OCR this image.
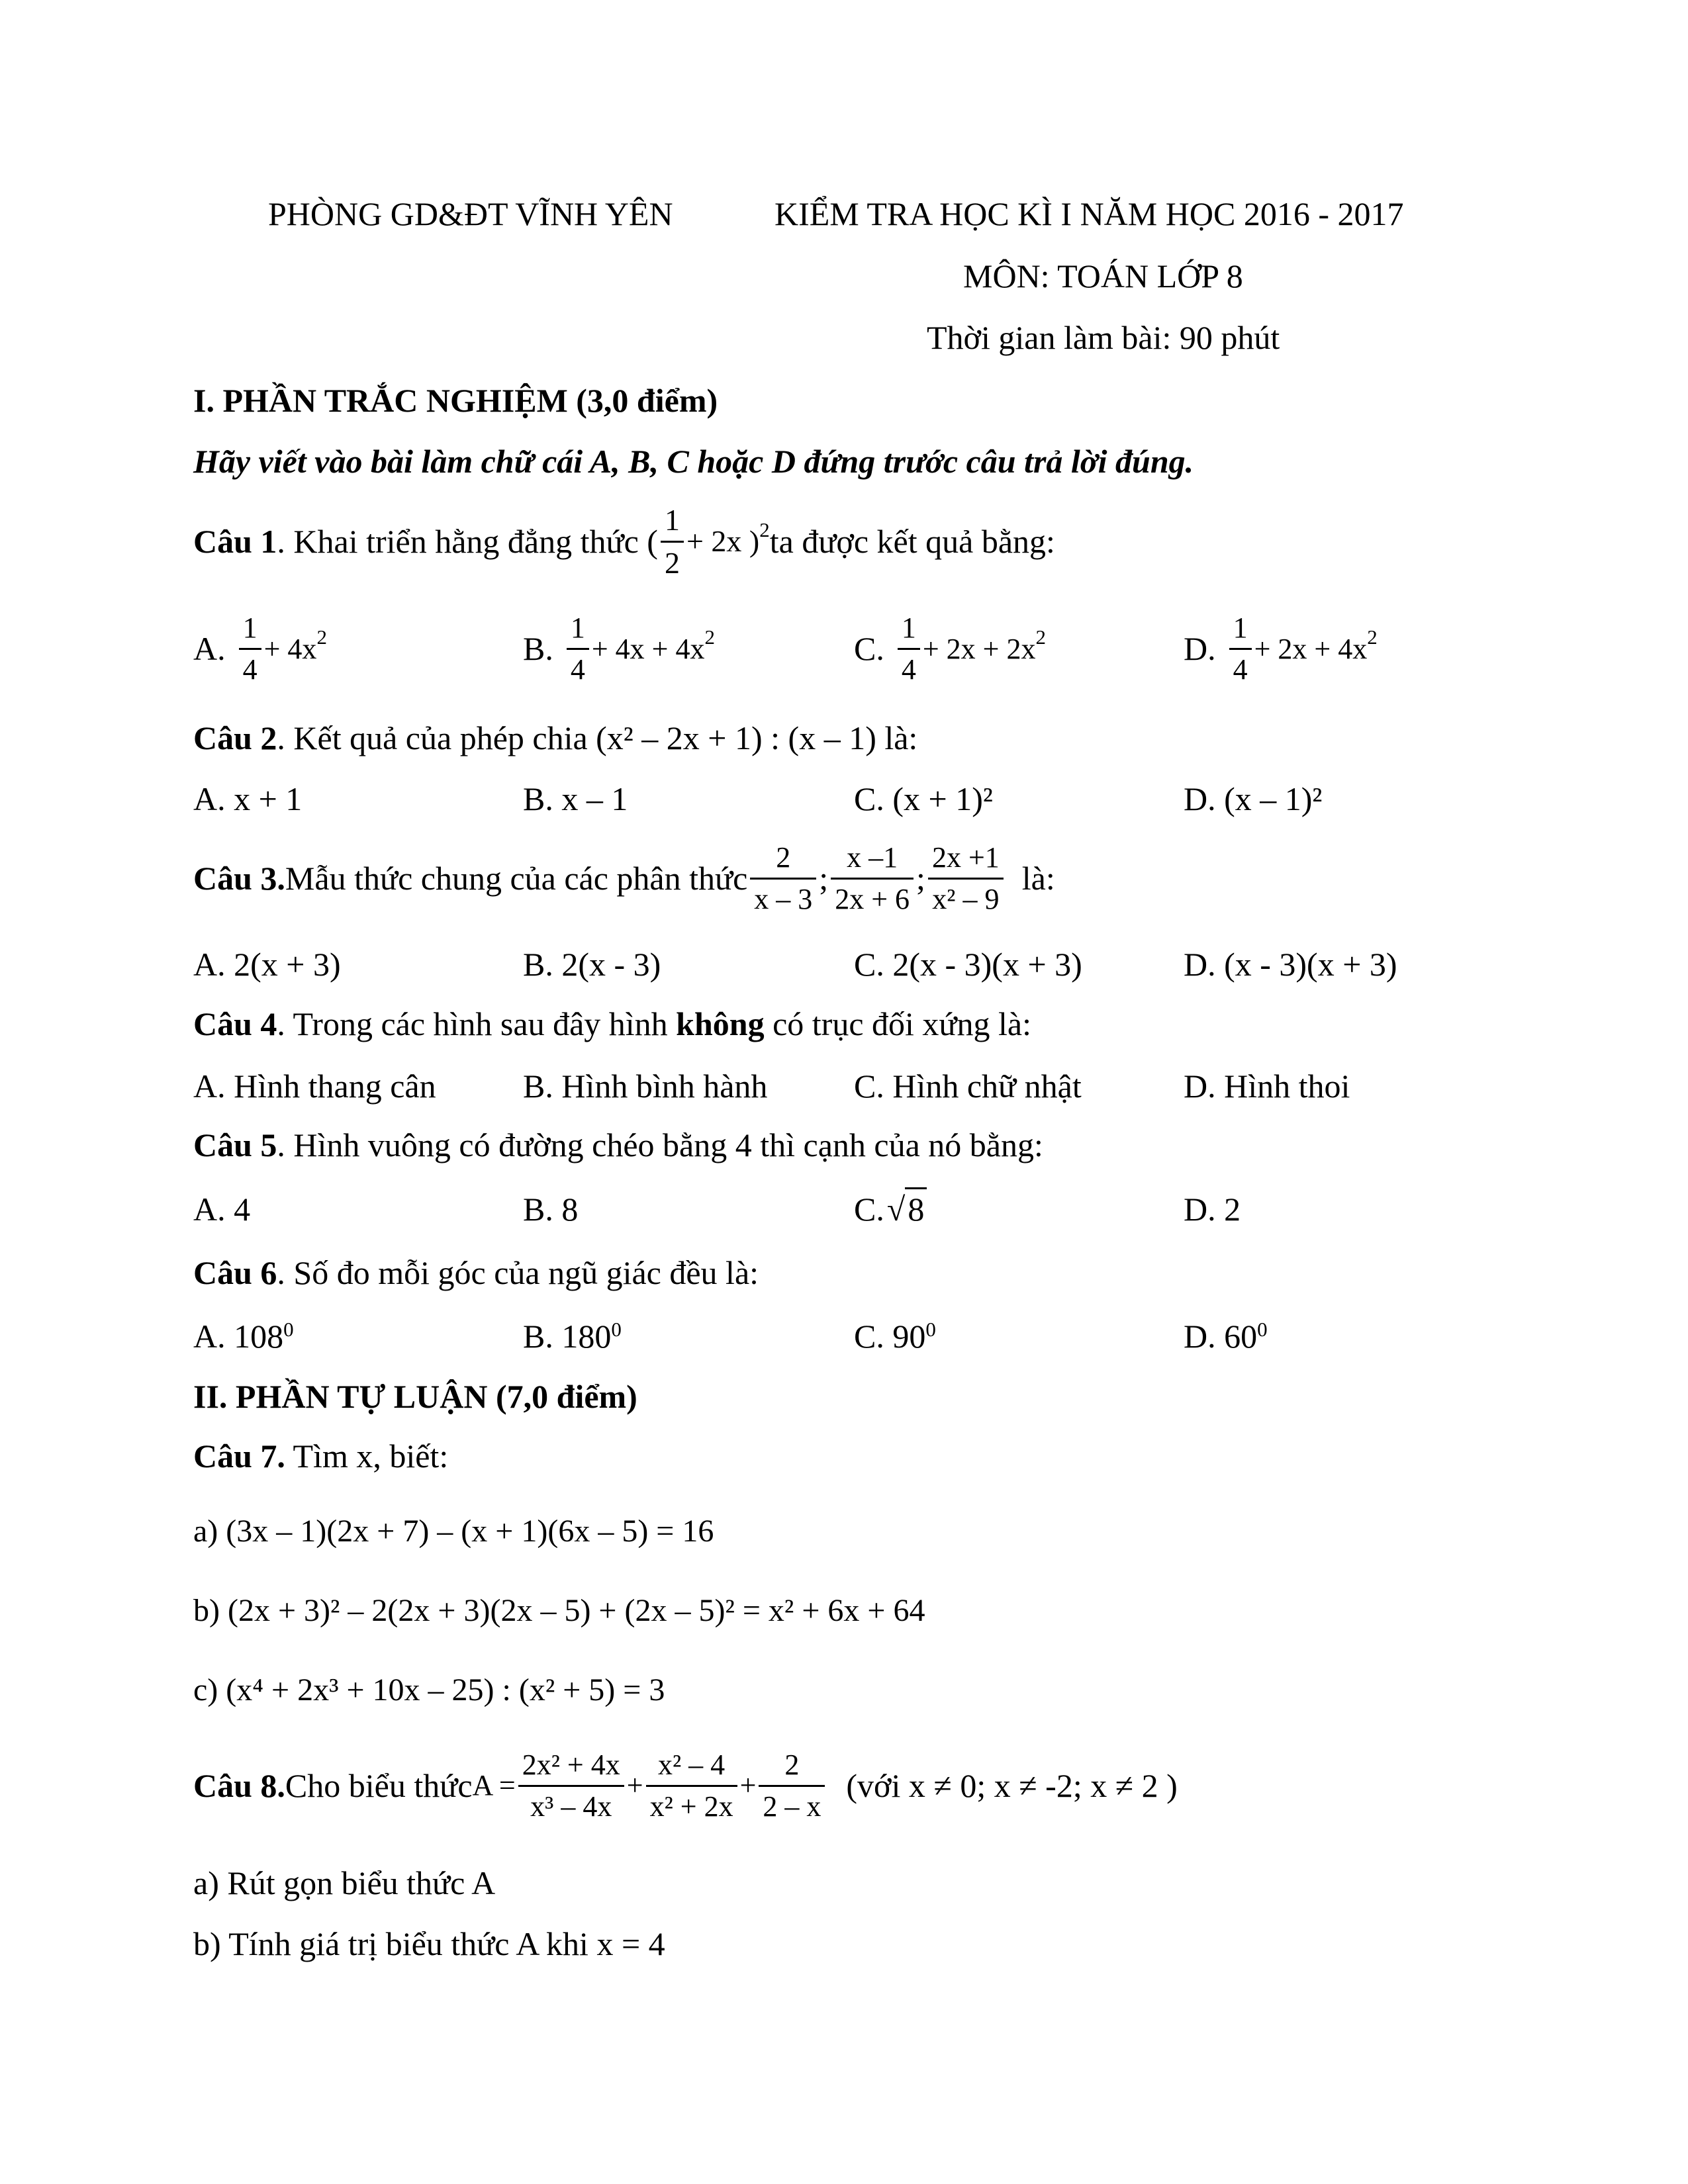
PHÒNG GD&ĐT VĨNH YÊN	KIỂM TRA HỌC KÌ I NĂM HỌC 2016 - 2017
MÔN: TOÁN LỚP 8
Thời gian làm bài: 90 phút
I. PHẦN TRẮC NGHIỆM (3,0 điểm)
Hãy viết vào bài làm chữ cái A, B, C hoặc D đứng trước câu trả lời đúng.
Câu 1 . Khai triển hằng đẳng thức ( $\frac{1}{2} + 2x$ )$^2$ ta được kết quả bằng:
A. $\frac{1}{4} + 4x^2$	B. $\frac{1}{4} + 4x + 4x^2$	C. $\frac{1}{4} + 2x + 2x^2$	D. $\frac{1}{4} + 2x + 4x^2$
Câu 2. Kết quả của phép chia (x² – 2x + 1) : (x – 1) là:
A. x + 1	B. x – 1	C. (x + 1)²	D. (x – 1)²
Câu 3. Mẫu thức chung của các phân thức $\frac{2}{x - 3}$ ; $\frac{x -1}{2x + 6}$ ; $\frac{2x +1}{\text{x² – 9}}$ là:
A. 2(x + 3)	B. 2(x - 3)	C. 2(x - 3)(x + 3)	D. (x - 3)(x + 3)
Câu 4. Trong các hình sau đây hình không có trục đối xứng là:
A. Hình thang cân	B. Hình bình hành	C. Hình chữ nhật	D. Hình thoi
Câu 5. Hình vuông có đường chéo bằng 4 thì cạnh của nó bằng:
A. 4	B. 8	C. √8	D. 2
Câu 6. Số đo mỗi góc của ngũ giác đều là:
A. $108^0$	B. $180^0$	C. $90^0$	D. $60^0$
II. PHẦN TỰ LUẬN (7,0 điểm)
Câu 7. Tìm x, biết:
a) (3x – 1)(2x + 7) – (x + 1)(6x – 5) = 16
b) (2x + 3)² – 2(2x + 3)(2x – 5) + (2x – 5)² = x² + 6x + 64
c) (x⁴ + 2x³ + 10x – 25) : (x² + 5) = 3
Câu 8. Cho biểu thức $A = \frac{\text{2x² + 4x}}{\text{x³ – 4x}} + \frac{\text{x² – 4}}{\text{x² + 2x}} + \frac{2}{2 - x}$ (với x ≠ 0; x ≠ -2; x ≠ 2 )
a) Rút gọn biểu thức A
b) Tính giá trị biểu thức A khi x = 4
